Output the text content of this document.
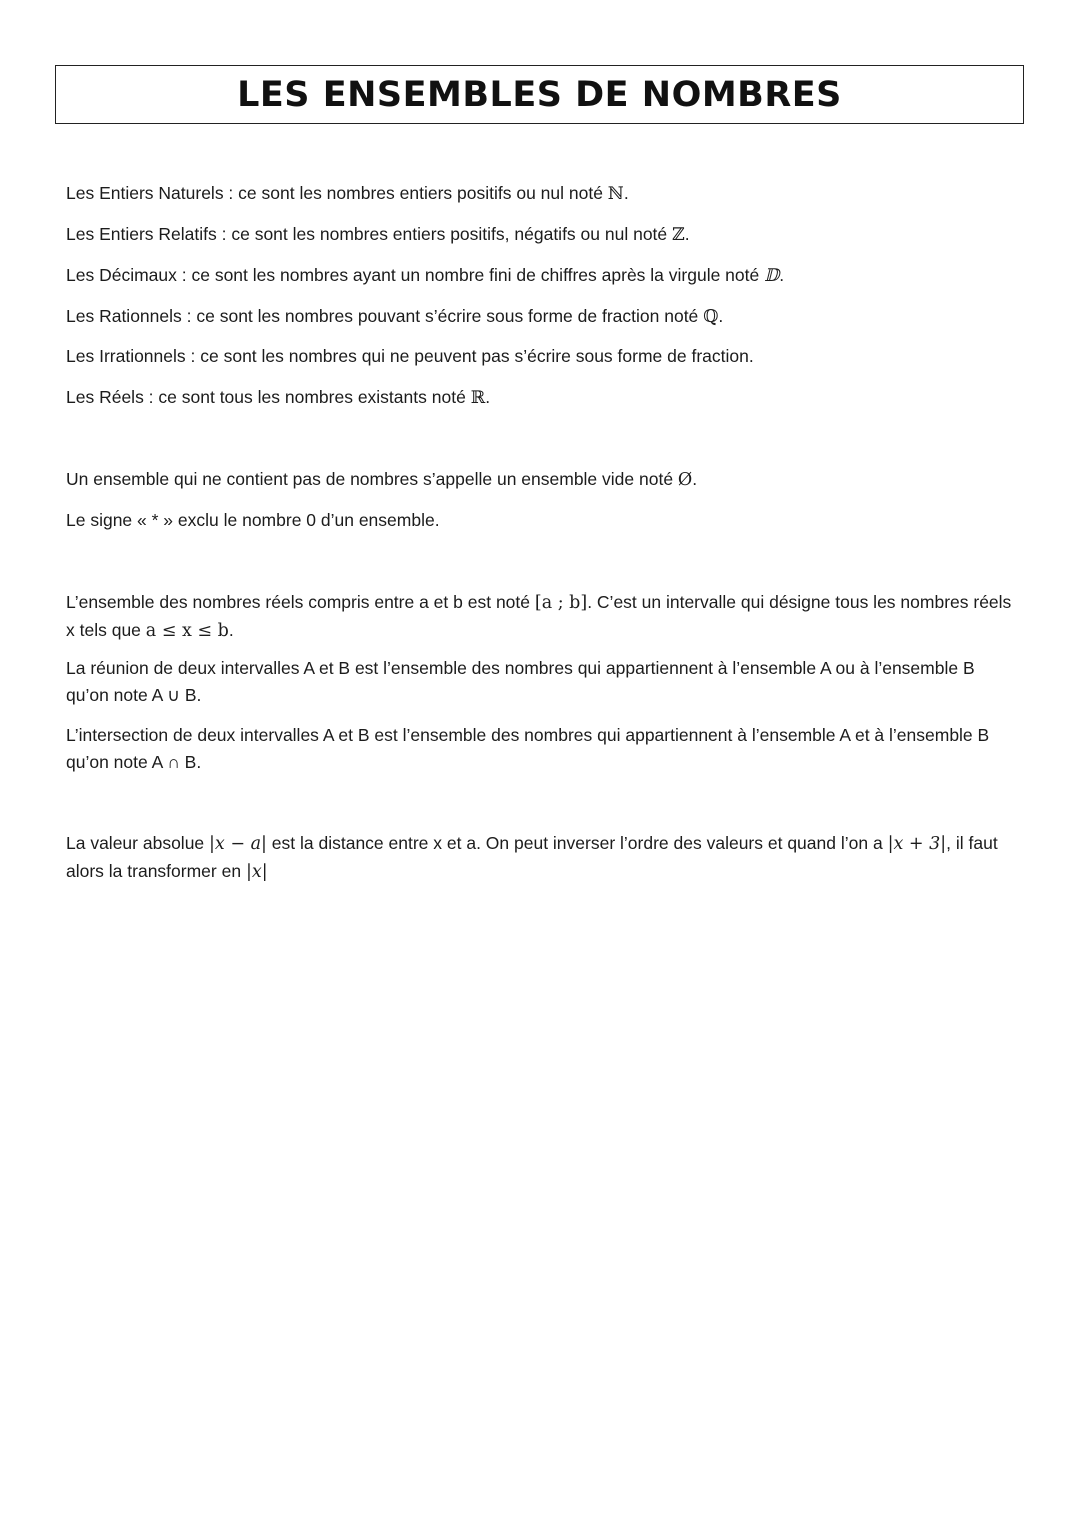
LES ENSEMBLES DE NOMBRES

Les Entiers Naturels : ce sont les nombres entiers positifs ou nul noté ℕ.

Les Entiers Relatifs : ce sont les nombres entiers positifs, négatifs ou nul noté ℤ.

Les Décimaux : ce sont les nombres ayant un nombre fini de chiffres après la virgule noté 𝔻.

Les Rationnels : ce sont les nombres pouvant s’écrire sous forme de fraction noté ℚ.

Les Irrationnels : ce sont les nombres qui ne peuvent pas s’écrire sous forme de fraction.

Les Réels : ce sont tous les nombres existants noté ℝ.

Un ensemble qui ne contient pas de nombres s’appelle un ensemble vide noté Ø.

Le signe « * » exclu le nombre 0 d’un ensemble.

L’ensemble des nombres réels compris entre a et b est noté [a ; b]. C’est un intervalle qui désigne tous les nombres réels x tels que a ≤ x ≤ b.

La réunion de deux intervalles A et B est l’ensemble des nombres qui appartiennent à l’ensemble A ou à l’ensemble B qu’on note A ∪ B.

L’intersection de deux intervalles A et B est l’ensemble des nombres qui appartiennent à l’ensemble A et à l’ensemble B qu’on note A ∩ B.

La valeur absolue |x − a| est la distance entre x et a. On peut inverser l’ordre des valeurs et quand l’on a |x + 3|, il faut alors la transformer en |x|
